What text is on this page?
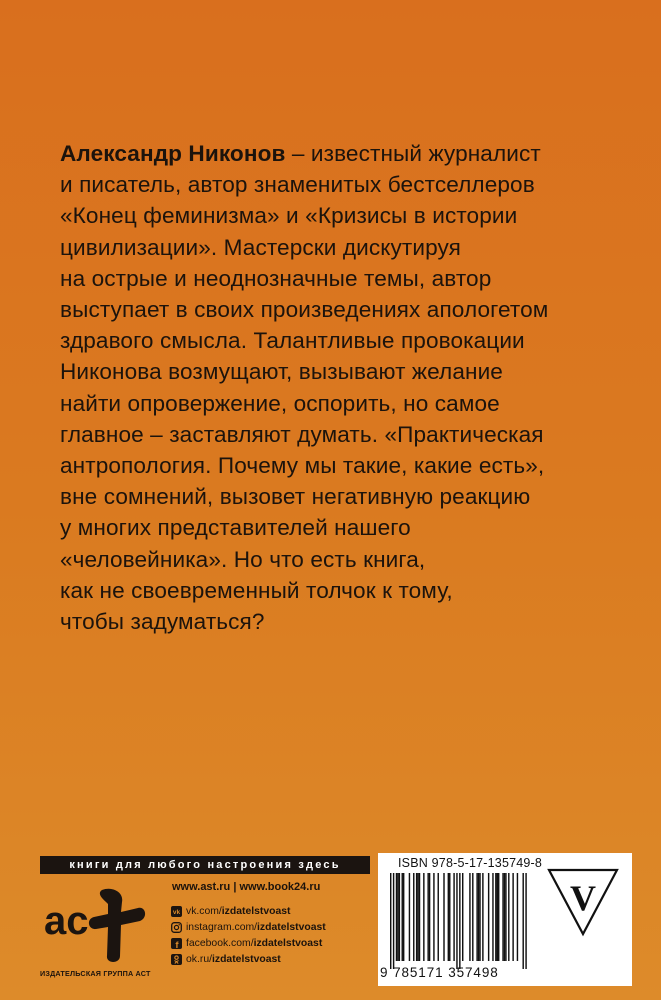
Александр Никонов – известный журналист
и писатель, автор знаменитых бестселлеров
«Конец феминизма» и «Кризисы в истории
цивилизации». Мастерски дискутируя
на острые и неоднозначные темы, автор
выступает в своих произведениях апологетом
здравого смысла. Талантливые провокации
Никонова возмущают, вызывают желание
найти опровержение, оспорить, но самое
главное – заставляют думать. «Практическая
антропология. Почему мы такие, какие есть»,
вне сомнений, вызовет негативную реакцию
у многих представителей нашего
«человейника». Но что есть книга,
как не своевременный толчок к тому,
чтобы задуматься?
книги для любого настроения здесь
ac
ИЗДАТЕЛЬСКАЯ ГРУППА АСТ
www.ast.ru | www.book24.ru
vk vk.com/ izdatelstvoast
instagram.com/ izdatelstvoast
f facebook.com/ izdatelstvoast
ok.ru/ izdatelstvoast
ISBN 978-5-17-135749-8
9 785171 357498
V
